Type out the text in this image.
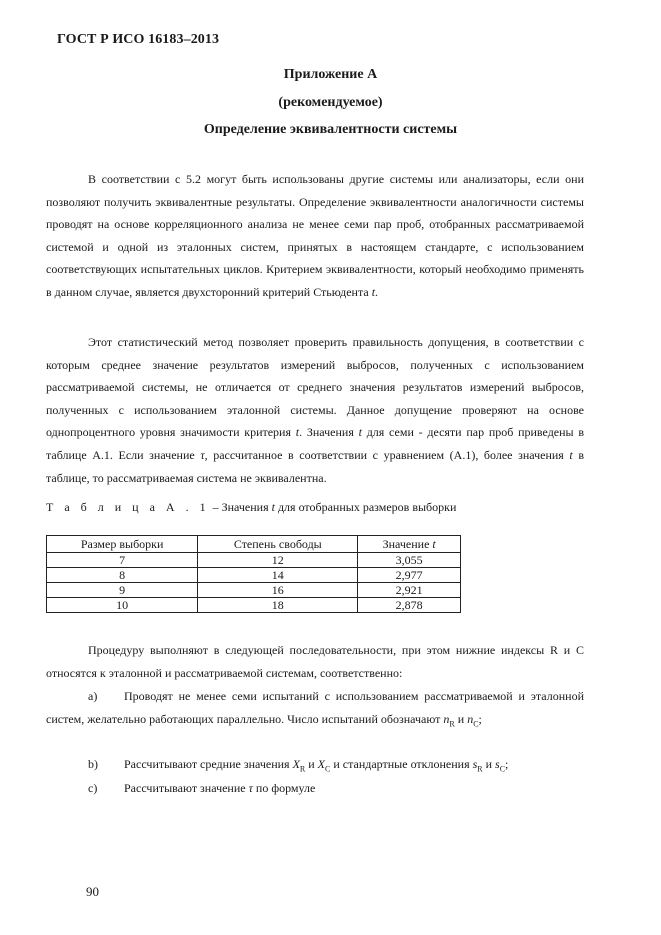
ГОСТ Р ИСО 16183–2013
Приложение А
(рекомендуемое)
Определение эквивалентности системы
В соответствии с 5.2 могут быть использованы другие системы или анализаторы, если они позволяют получить эквивалентные результаты. Определение эквивалентности аналогичности системы проводят на основе корреляционного анализа не менее семи пар проб, отобранных рассматриваемой системой и одной из эталонных систем, принятых в настоящем стандарте, с использованием соответствующих испытательных циклов. Критерием эквивалентности, который необходимо применять в данном случае, является двухсторонний критерий Стьюдента t.
Этот статистический метод позволяет проверить правильность допущения, в соответствии с которым среднее значение результатов измерений выбросов, полученных с использованием рассматриваемой системы, не отличается от среднего значения результатов измерений выбросов, полученных с использованием эталонной системы. Данное допущение проверяют на основе однопроцентного уровня значимости критерия t. Значения t для семи - десяти пар проб приведены в таблице А.1. Если значение τ, рассчитанное в соответствии с уравнением (А.1), более значения t в таблице, то рассматриваемая система не эквивалентна.
Т а б л и ц а А . 1 – Значения t для отобранных размеров выборки
Размер выборки	Степень свободы	Значение t
7	12	3,055
8	14	2,977
9	16	2,921
10	18	2,878
Процедуру выполняют в следующей последовательности, при этом нижние индексы R и C относятся к эталонной и рассматриваемой системам, соответственно:
a) Проводят не менее семи испытаний с использованием рассматриваемой и эталонной систем, желательно работающих параллельно. Число испытаний обозначают $n_R$ и $n_C$;
b) Рассчитывают средние значения $X_R$ и $X_C$ и стандартные отклонения $s_R$ и $s_C$;
c) Рассчитывают значение τ по формуле
90
